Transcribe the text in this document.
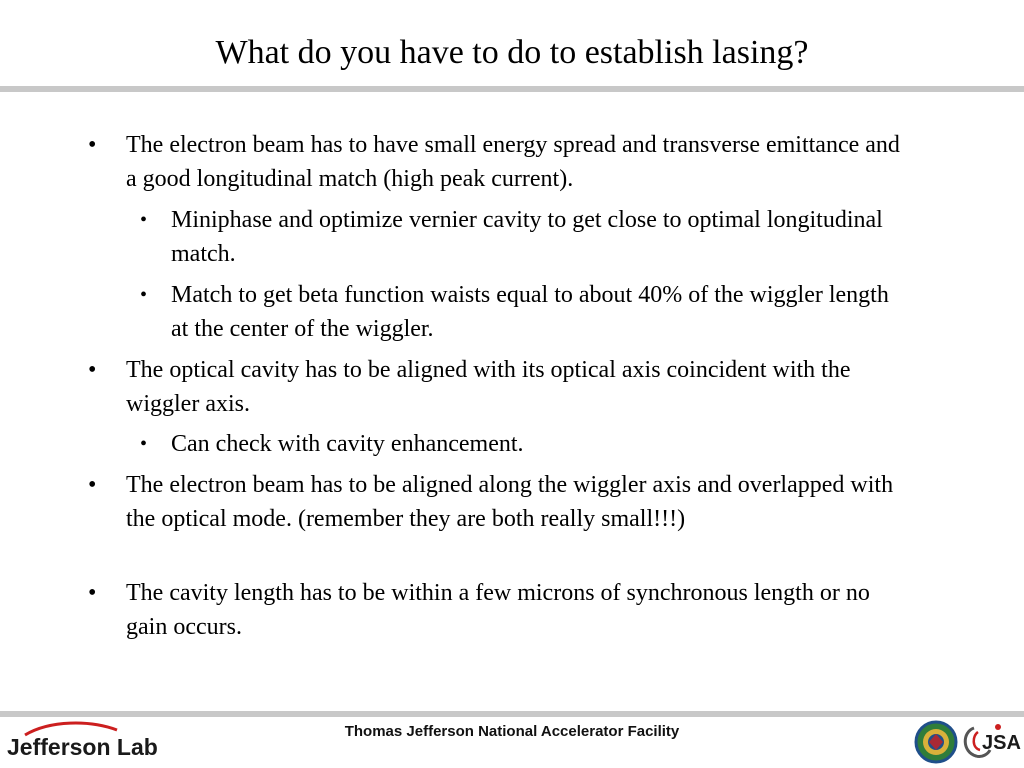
What do you have to do to establish lasing?
• The electron beam has to have small energy spread and transverse emittance and a good longitudinal match (high peak current).
• Miniphase and optimize vernier cavity to get close to optimal longitudinal match.
• Match to get beta function waists equal to about 40% of the wiggler length at the center of the wiggler.
• The optical cavity has to be aligned with its optical axis coincident with the wiggler axis.
• Can check with cavity enhancement.
• The electron beam has to be aligned along the wiggler axis and overlapped with the optical mode. (remember they are both really small!!!)
• The cavity length has to be within a few microns of synchronous length or no gain occurs.
Thomas Jefferson National Accelerator Facility
Jefferson Lab	JSA
